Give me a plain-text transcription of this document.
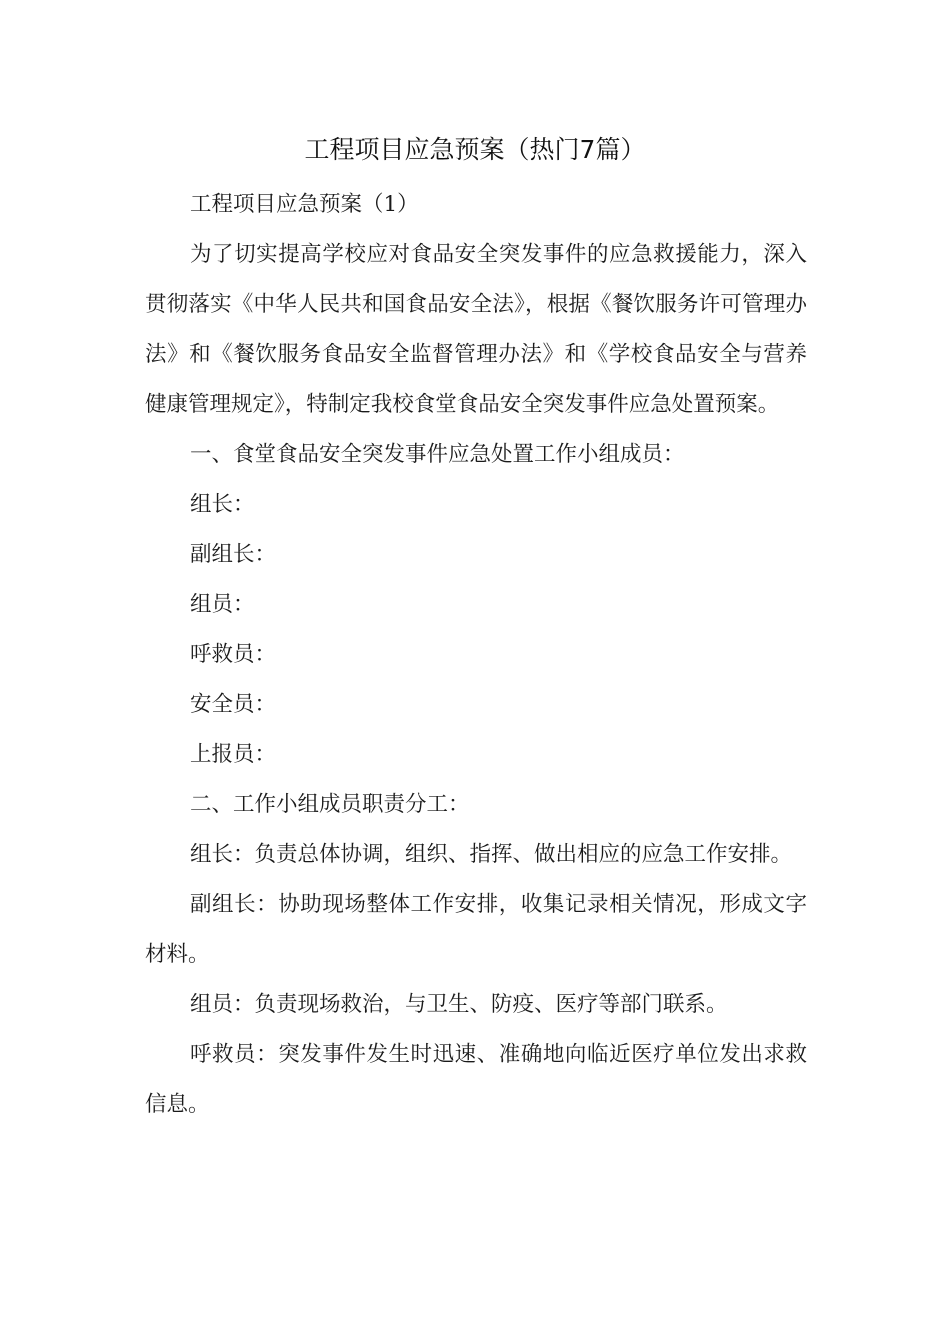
工程项目应急预案（热门7篇）

工程项目应急预案（1）

为了切实提高学校应对食品安全突发事件的应急救援能力，深入贯彻落实《中华人民共和国食品安全法》，根据《餐饮服务许可管理办法》和《餐饮服务食品安全监督管理办法》和《学校食品安全与营养健康管理规定》，特制定我校食堂食品安全突发事件应急处置预案。

一、食堂食品安全突发事件应急处置工作小组成员：

组长：

副组长：

组员：

呼救员：

安全员：

上报员：

二、工作小组成员职责分工：

组长：负责总体协调，组织、指挥、做出相应的应急工作安排。

副组长：协助现场整体工作安排，收集记录相关情况，形成文字材料。

组员：负责现场救治，与卫生、防疫、医疗等部门联系。

呼救员：突发事件发生时迅速、准确地向临近医疗单位发出求救信息。
